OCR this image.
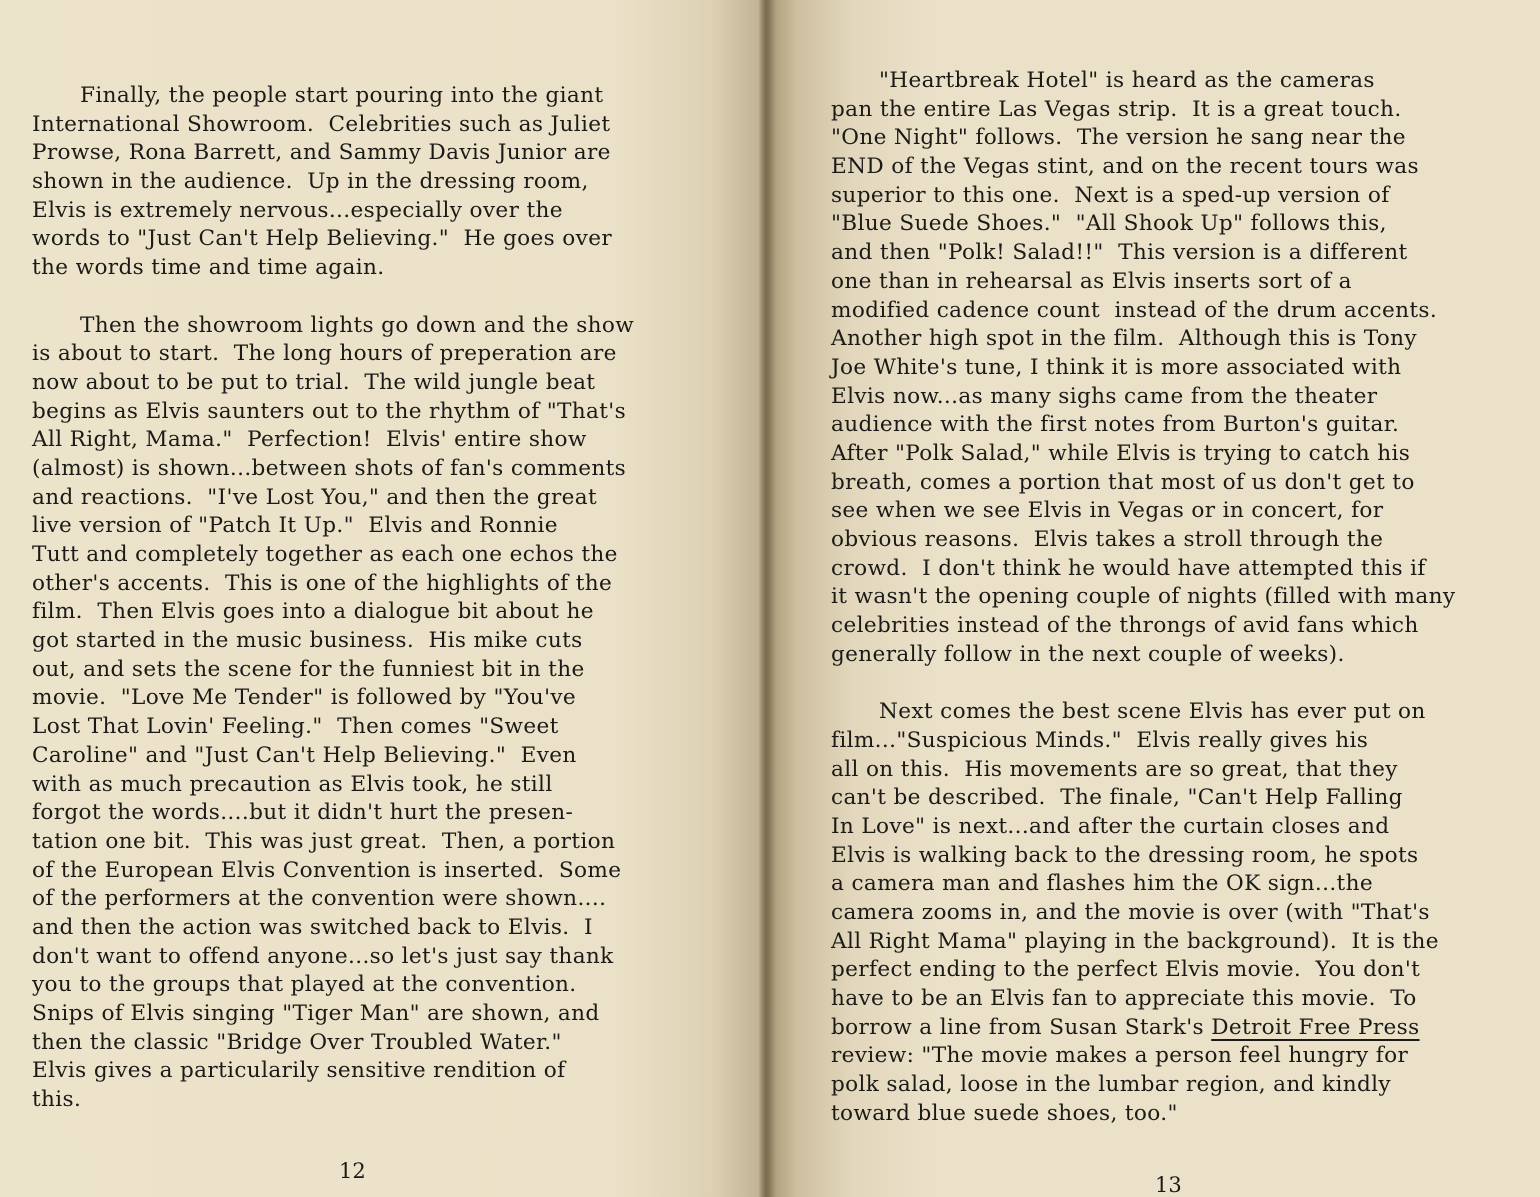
Finally, the people start pouring into the giant
International Showroom.  Celebrities such as Juliet
Prowse, Rona Barrett, and Sammy Davis Junior are
shown in the audience.  Up in the dressing room,
Elvis is extremely nervous...especially over the
words to "Just Can't Help Believing."  He goes over
the words time and time again.
Then the showroom lights go down and the show
is about to start.  The long hours of preperation are
now about to be put to trial.  The wild jungle beat
begins as Elvis saunters out to the rhythm of "That's
All Right, Mama."  Perfection!  Elvis' entire show
(almost) is shown...between shots of fan's comments
and reactions.  "I've Lost You," and then the great
live version of "Patch It Up."  Elvis and Ronnie
Tutt and completely together as each one echos the
other's accents.  This is one of the highlights of the
film.  Then Elvis goes into a dialogue bit about he
got started in the music business.  His mike cuts
out, and sets the scene for the funniest bit in the
movie.  "Love Me Tender" is followed by "You've
Lost That Lovin' Feeling."  Then comes "Sweet
Caroline" and "Just Can't Help Believing."  Even
with as much precaution as Elvis took, he still
forgot the words....but it didn't hurt the presen-
tation one bit.  This was just great.  Then, a portion
of the European Elvis Convention is inserted.  Some
of the performers at the convention were shown....
and then the action was switched back to Elvis.  I
don't want to offend anyone...so let's just say thank
you to the groups that played at the convention.
Snips of Elvis singing "Tiger Man" are shown, and
then the classic "Bridge Over Troubled Water."
Elvis gives a particularily sensitive rendition of
this.
12
"Heartbreak Hotel" is heard as the cameras
pan the entire Las Vegas strip.  It is a great touch.
"One Night" follows.  The version he sang near the
END of the Vegas stint, and on the recent tours was
superior to this one.  Next is a sped-up version of
"Blue Suede Shoes."  "All Shook Up" follows this,
and then "Polk! Salad!!"  This version is a different
one than in rehearsal as Elvis inserts sort of a
modified cadence count  instead of the drum accents.
Another high spot in the film.  Although this is Tony
Joe White's tune, I think it is more associated with
Elvis now...as many sighs came from the theater
audience with the first notes from Burton's guitar.
After "Polk Salad," while Elvis is trying to catch his
breath, comes a portion that most of us don't get to
see when we see Elvis in Vegas or in concert, for
obvious reasons.  Elvis takes a stroll through the
crowd.  I don't think he would have attempted this if
it wasn't the opening couple of nights (filled with many
celebrities instead of the throngs of avid fans which
generally follow in the next couple of weeks).
Next comes the best scene Elvis has ever put on
film..."Suspicious Minds."  Elvis really gives his
all on this.  His movements are so great, that they
can't be described.  The finale, "Can't Help Falling
In Love" is next...and after the curtain closes and
Elvis is walking back to the dressing room, he spots
a camera man and flashes him the OK sign...the
camera zooms in, and the movie is over (with "That's
All Right Mama" playing in the background).  It is the
perfect ending to the perfect Elvis movie.  You don't
have to be an Elvis fan to appreciate this movie.  To
borrow a line from Susan Stark's Detroit Free Press
review: "The movie makes a person feel hungry for
polk salad, loose in the lumbar region, and kindly
toward blue suede shoes, too."
13
